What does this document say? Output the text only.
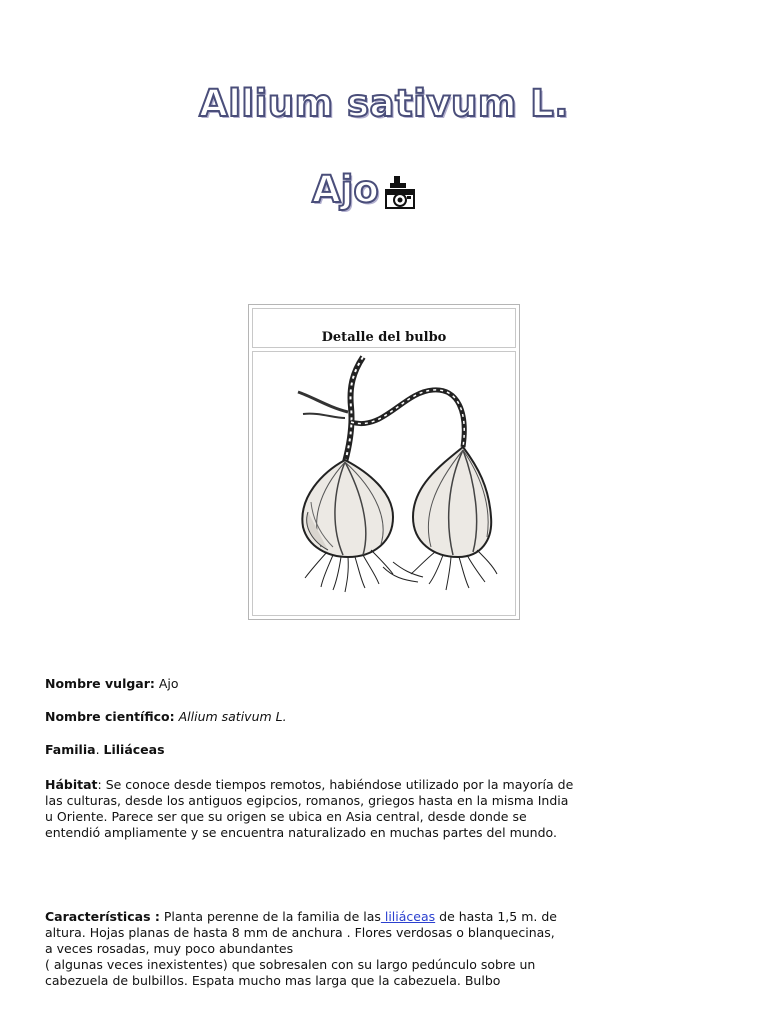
Allium sativum L.
Ajo
Detalle del bulbo
Nombre vulgar: Ajo
Nombre científico: Allium sativum L.
Familia. Liliáceas
Hábitat: Se conoce desde tiempos remotos, habiéndose utilizado por la mayoría de las culturas, desde los antiguos egipcios, romanos, griegos hasta en la misma India u Oriente. Parece ser que su origen se ubica en Asia central, desde donde se entendió ampliamente y se encuentra naturalizado en muchas partes del mundo.
Características : Planta perenne de la familia de las liliáceas de hasta 1,5 m. de altura. Hojas planas de hasta 8 mm de anchura . Flores verdosas o blanquecinas, a veces rosadas, muy poco abundantes
( algunas veces inexistentes) que sobresalen con su largo pedúnculo sobre un cabezuela de bulbillos. Espata mucho mas larga que la cabezuela. Bulbo
